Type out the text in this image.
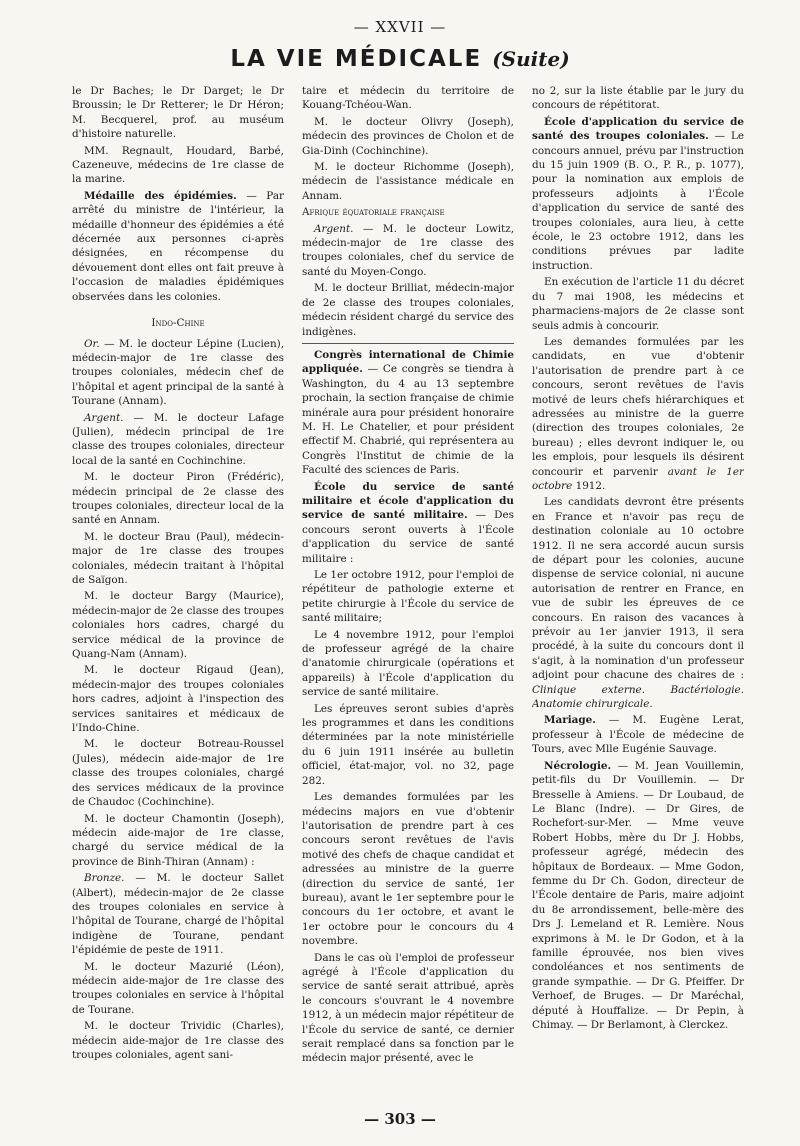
— XXVII —
LA VIE MÉDICALE (Suite)

le Dr Baches; le Dr Darget; le Dr Broussin; le Dr Retterer; le Dr Héron; M. Becquerel, prof. au muséum d'histoire naturelle.

MM. Regnault, Houdard, Barbé, Cazeneuve, médecins de 1re classe de la marine.

Médaille des épidémies. — Par arrêté du ministre de l'intérieur, la médaille d'honneur des épidémies a été décernée aux personnes ci-après désignées, en récompense du dévouement dont elles ont fait preuve à l'occasion de maladies épidémiques observées dans les colonies.

Indo-Chine

Or. — M. le docteur Lépine (Lucien), médecin-major de 1re classe des troupes coloniales, médecin chef de l'hôpital et agent principal de la santé à Tourane (Annam).

Argent. — M. le docteur Lafage (Julien), médecin principal de 1re classe des troupes coloniales, directeur local de la santé en Cochinchine.

M. le docteur Piron (Frédéric), médecin principal de 2e classe des troupes coloniales, directeur local de la santé en Annam.

M. le docteur Brau (Paul), médecin-major de 1re classe des troupes coloniales, médecin traitant à l'hôpital de Saïgon.

M. le docteur Bargy (Maurice), médecin-major de 2e classe des troupes coloniales hors cadres, chargé du service médical de la province de Quang-Nam (Annam).

M. le docteur Rigaud (Jean), médecin-major des troupes coloniales hors cadres, adjoint à l'inspection des services sanitaires et médicaux de l'Indo-Chine.

M. le docteur Botreau-Roussel (Jules), médecin aide-major de 1re classe des troupes coloniales, chargé des services médicaux de la province de Chaudoc (Cochinchine).

M. le docteur Chamontin (Joseph), médecin aide-major de 1re classe, chargé du service médical de la province de Binh-Thiran (Annam) :

Bronze. — M. le docteur Sallet (Albert), médecin-major de 2e classe des troupes coloniales en service à l'hôpital de Tourane, chargé de l'hôpital indigène de Tourane, pendant l'épidémie de peste de 1911.

M. le docteur Mazurié (Léon), médecin aide-major de 1re classe des troupes coloniales en service à l'hôpital de Tourane.

M. le docteur Trividic (Charles), médecin aide-major de 1re classe des troupes coloniales, agent sani-

taire et médecin du territoire de Kouang-Tchéou-Wan.

M. le docteur Olivry (Joseph), médecin des provinces de Cholon et de Gia-Dinh (Cochinchine).

M. le docteur Richomme (Joseph), médecin de l'assistance médicale en Annam.

Afrique équatoriale française

Argent. — M. le docteur Lowitz, médecin-major de 1re classe des troupes coloniales, chef du service de santé du Moyen-Congo.

M. le docteur Brilliat, médecin-major de 2e classe des troupes coloniales, médecin résident chargé du service des indigènes.

Congrès international de Chimie appliquée. — Ce congrès se tiendra à Washington, du 4 au 13 septembre prochain, la section française de chimie minérale aura pour président honoraire M. H. Le Chatelier, et pour président effectif M. Chabrié, qui représentera au Congrès l'Institut de chimie de la Faculté des sciences de Paris.

École du service de santé militaire et école d'application du service de santé militaire. — Des concours seront ouverts à l'École d'application du service de santé militaire :

Le 1er octobre 1912, pour l'emploi de répétiteur de pathologie externe et petite chirurgie à l'École du service de santé militaire;

Le 4 novembre 1912, pour l'emploi de professeur agrégé de la chaire d'anatomie chirurgicale (opérations et appareils) à l'École d'application du service de santé militaire.

Les épreuves seront subies d'après les programmes et dans les conditions déterminées par la note ministérielle du 6 juin 1911 insérée au bulletin officiel, état-major, vol. no 32, page 282.

Les demandes formulées par les médecins majors en vue d'obtenir l'autorisation de prendre part à ces concours seront revêtues de l'avis motivé des chefs de chaque candidat et adressées au ministre de la guerre (direction du service de santé, 1er bureau), avant le 1er septembre pour le concours du 1er octobre, et avant le 1er octobre pour le concours du 4 novembre.

Dans le cas où l'emploi de professeur agrégé à l'École d'application du service de santé serait attribué, après le concours s'ouvrant le 4 novembre 1912, à un médecin major répétiteur de l'École du service de santé, ce dernier serait remplacé dans sa fonction par le médecin major présenté, avec le

no 2, sur la liste établie par le jury du concours de répétitorat.

École d'application du service de santé des troupes coloniales. — Le concours annuel, prévu par l'instruction du 15 juin 1909 (B. O., P. R., p. 1077), pour la nomination aux emplois de professeurs adjoints à l'École d'application du service de santé des troupes coloniales, aura lieu, à cette école, le 23 octobre 1912, dans les conditions prévues par ladite instruction.

En exécution de l'article 11 du décret du 7 mai 1908, les médecins et pharmaciens-majors de 2e classe sont seuls admis à concourir.

Les demandes formulées par les candidats, en vue d'obtenir l'autorisation de prendre part à ce concours, seront revêtues de l'avis motivé de leurs chefs hiérarchiques et adressées au ministre de la guerre (direction des troupes coloniales, 2e bureau) ; elles devront indiquer le, ou les emplois, pour lesquels ils désirent concourir et parvenir avant le 1er octobre 1912.

Les candidats devront être présents en France et n'avoir pas reçu de destination coloniale au 10 octobre 1912. Il ne sera accordé aucun sursis de départ pour les colonies, aucune dispense de service colonial, ni aucune autorisation de rentrer en France, en vue de subir les épreuves de ce concours. En raison des vacances à prévoir au 1er janvier 1913, il sera procédé, à la suite du concours dont il s'agit, à la nomination d'un professeur adjoint pour chacune des chaires de : Clinique externe. Bactériologie. Anatomie chirurgicale.

Mariage. — M. Eugène Lerat, professeur à l'École de médecine de Tours, avec Mlle Eugénie Sauvage.

Nécrologie. — M. Jean Vouillemin, petit-fils du Dr Vouillemin. — Dr Bresselle à Amiens. — Dr Loubaud, de Le Blanc (Indre). — Dr Gires, de Rochefort-sur-Mer. — Mme veuve Robert Hobbs, mère du Dr J. Hobbs, professeur agrégé, médecin des hôpitaux de Bordeaux. — Mme Godon, femme du Dr Ch. Godon, directeur de l'École dentaire de Paris, maire adjoint du 8e arrondissement, belle-mère des Drs J. Lemeland et R. Lemière. Nous exprimons à M. le Dr Godon, et à la famille éprouvée, nos bien vives condoléances et nos sentiments de grande sympathie. — Dr G. Pfeiffer. Dr Verhoef, de Bruges. — Dr Maréchal, député à Houffalize. — Dr Pepin, à Chimay. — Dr Berlamont, à Clerckez.

— 303 —
